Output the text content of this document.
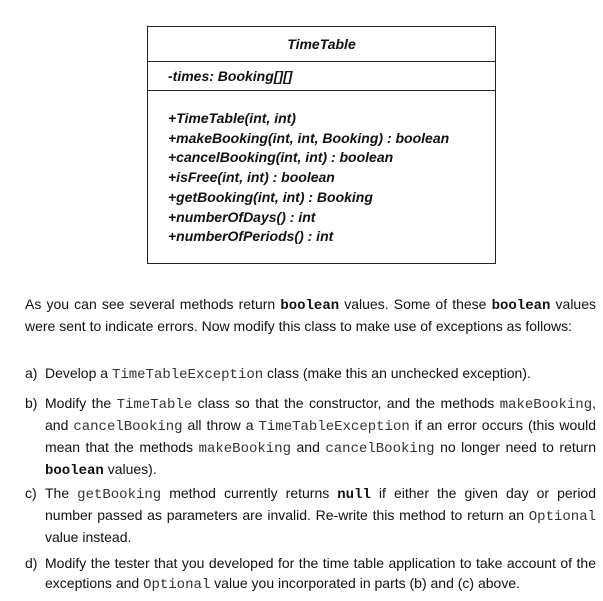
TimeTable
-times: Booking[][]
+TimeTable(int, int)
+makeBooking(int, int, Booking) : boolean
+cancelBooking(int, int) : boolean
+isFree(int, int) : boolean
+getBooking(int, int) : Booking
+numberOfDays() : int
+numberOfPeriods() : int

As you can see several methods return boolean values. Some of these boolean values were sent to indicate errors. Now modify this class to make use of exceptions as follows:

a) Develop a TimeTableException class (make this an unchecked exception).
b) Modify the TimeTable class so that the constructor, and the methods makeBooking, and cancelBooking all throw a TimeTableException if an error occurs (this would mean that the methods makeBooking and cancelBooking no longer need to return boolean values).
c) The getBooking method currently returns null if either the given day or period number passed as parameters are invalid. Re-write this method to return an Optional value instead.
d) Modify the tester that you developed for the time table application to take account of the exceptions and Optional value you incorporated in parts (b) and (c) above.
